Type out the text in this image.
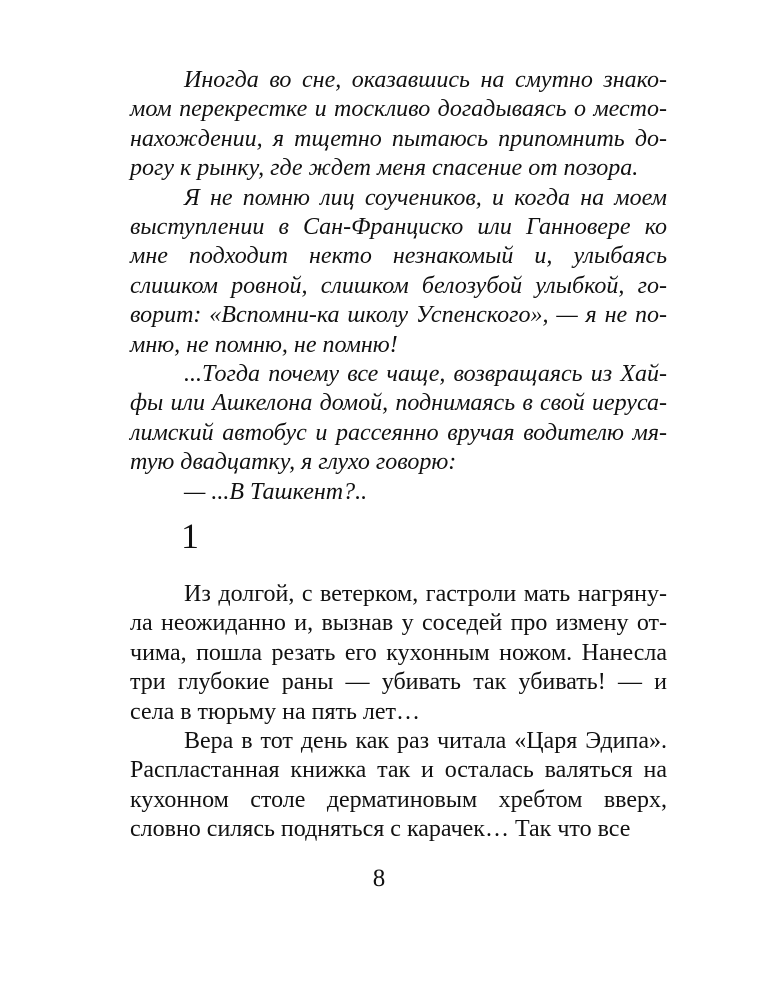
Иногда во сне, оказавшись на смутно знакомом перекрестке и тоскливо догадываясь о местонахождении, я тщетно пытаюсь припомнить дорогу к рынку, где ждет меня спасение от позора.

Я не помню лиц соучеников, и когда на моем выступлении в Сан-Франциско или Ганновере ко мне подходит некто незнакомый и, улыбаясь слишком ровной, слишком белозубой улыбкой, говорит: «Вспомни-ка школу Успенского», — я не помню, не помню, не помню!

...Тогда почему все чаще, возвращаясь из Хайфы или Ашкелона домой, поднимаясь в свой иерусалимский автобус и рассеянно вручая водителю мятую двадцатку, я глухо говорю:

— ...В Ташкент?..

1

Из долгой, с ветерком, гастроли мать нагрянула неожиданно и, вызнав у соседей про измену отчима, пошла резать его кухонным ножом. Нанесла три глубокие раны — убивать так убивать! — и села в тюрьму на пять лет…

Вера в тот день как раз читала «Царя Эдипа». Распластанная книжка так и осталась валяться на кухонном столе дерматиновым хребтом вверх, словно силясь подняться с карачек… Так что все

8
